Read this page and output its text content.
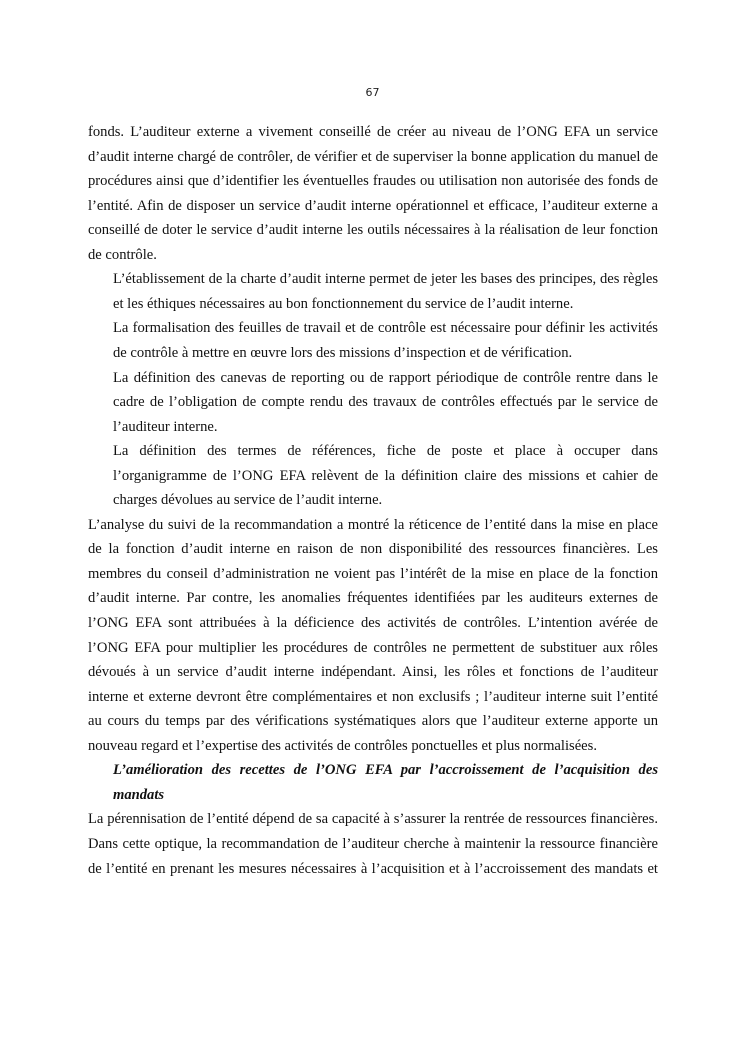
67
fonds. L’auditeur externe a vivement conseillé de créer au niveau de l’ONG EFA un service
d’audit interne chargé de contrôler, de vérifier et de superviser la bonne application du manuel de
procédures ainsi que d’identifier les éventuelles fraudes ou utilisation non autorisée des fonds de
l’entité. Afin de disposer un service d’audit interne opérationnel et efficace, l’auditeur externe a
conseillé de doter le service d’audit interne les outils nécessaires à la réalisation de leur fonction
de contrôle.
L’établissement de la charte d’audit interne permet de jeter les bases des principes, des règles
et les éthiques nécessaires au bon fonctionnement du service de l’audit interne.
La formalisation des feuilles de travail et de contrôle est nécessaire pour définir les activités
de contrôle à mettre en œuvre lors des missions d’inspection et de vérification.
La définition des canevas de reporting ou de rapport périodique de contrôle rentre dans le
cadre de l’obligation de compte rendu des travaux de contrôles effectués par le service de
l’auditeur interne.
La définition des termes de références, fiche de poste et place à occuper dans
l’organigramme de l’ONG EFA relèvent de la définition claire des missions et cahier de
charges dévolues au service de l’audit interne.
L’analyse du suivi de la recommandation a montré la réticence de l’entité dans la mise en place
de la fonction d’audit interne en raison de non disponibilité des ressources financières. Les
membres du conseil d’administration ne voient pas l’intérêt de la mise en place de la fonction
d’audit interne. Par contre, les anomalies fréquentes identifiées par les auditeurs externes de
l’ONG EFA sont attribuées à la déficience des activités de contrôles. L’intention avérée de
l’ONG EFA pour multiplier les procédures de contrôles ne permettent de substituer aux rôles
dévoués à un service d’audit interne indépendant. Ainsi, les rôles et fonctions de l’auditeur
interne et externe devront être complémentaires et non exclusifs ; l’auditeur interne suit l’entité
au cours du temps par des vérifications systématiques alors que l’auditeur externe apporte un
nouveau regard et l’expertise des activités de contrôles ponctuelles et plus normalisées.
L’amélioration des recettes de l’ONG EFA par l’accroissement de l’acquisition des
mandats
La pérennisation de l’entité dépend de sa capacité à s’assurer la rentrée de ressources financières.
Dans cette optique, la recommandation de l’auditeur cherche à maintenir la ressource financière
de l’entité en prenant les mesures nécessaires à l’acquisition et à l’accroissement des mandats et
